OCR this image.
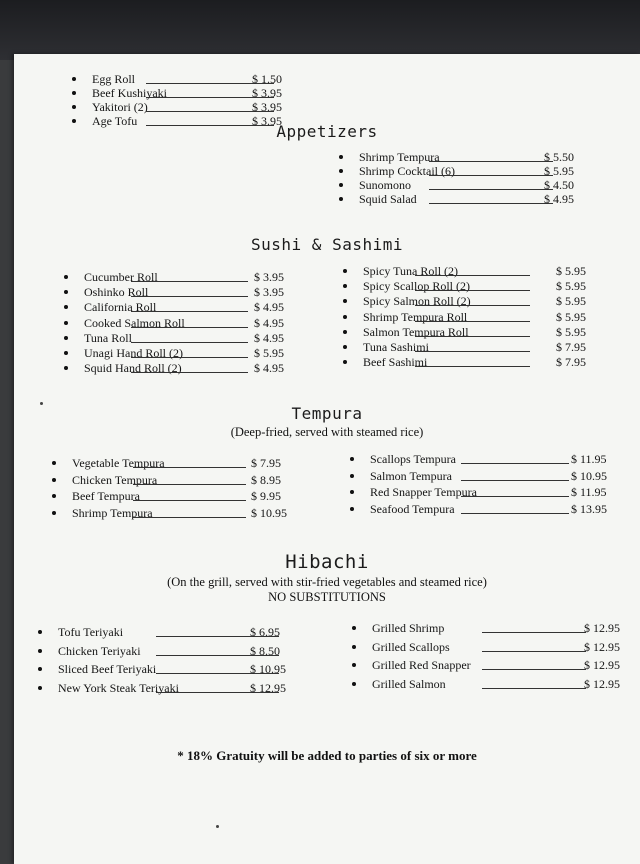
Appetizers
Egg Roll	$ 1.50
Beef Kushiyaki	$ 3.95
Yakitori (2)	$ 3.95
Age Tofu	$ 3.95
Shrimp Tempura	$ 5.50
Shrimp Cocktail (6)	$ 5.95
Sunomono	$ 4.50
Squid Salad	$ 4.95
Sushi & Sashimi
Cucumber Roll	$ 3.95
Oshinko Roll	$ 3.95
California Roll	$ 4.95
Cooked Salmon Roll	$ 4.95
Tuna Roll	$ 4.95
Unagi Hand Roll (2)	$ 5.95
Squid Hand Roll (2)	$ 4.95
Spicy Tuna Roll (2)	$ 5.95
Spicy Scallop Roll (2)	$ 5.95
Spicy Salmon Roll (2)	$ 5.95
Shrimp Tempura Roll	$ 5.95
Salmon Tempura Roll	$ 5.95
Tuna Sashimi	$ 7.95
Beef Sashimi	$ 7.95
Tempura
(Deep-fried, served with steamed rice)
Vegetable Tempura	$ 7.95
Chicken Tempura	$ 8.95
Beef Tempura	$ 9.95
Shrimp Tempura	$ 10.95
Scallops Tempura	$ 11.95
Salmon Tempura	$ 10.95
Red Snapper Tempura	$ 11.95
Seafood Tempura	$ 13.95
Hibachi
(On the grill, served with stir-fried vegetables and steamed rice)
NO SUBSTITUTIONS
Tofu Teriyaki	$ 6.95
Chicken Teriyaki	$ 8.50
Sliced Beef Teriyaki	$ 10.95
New York Steak Teriyaki	$ 12.95
Grilled Shrimp	$ 12.95
Grilled Scallops	$ 12.95
Grilled Red Snapper	$ 12.95
Grilled Salmon	$ 12.95
* 18% Gratuity will be added to parties of six or more
